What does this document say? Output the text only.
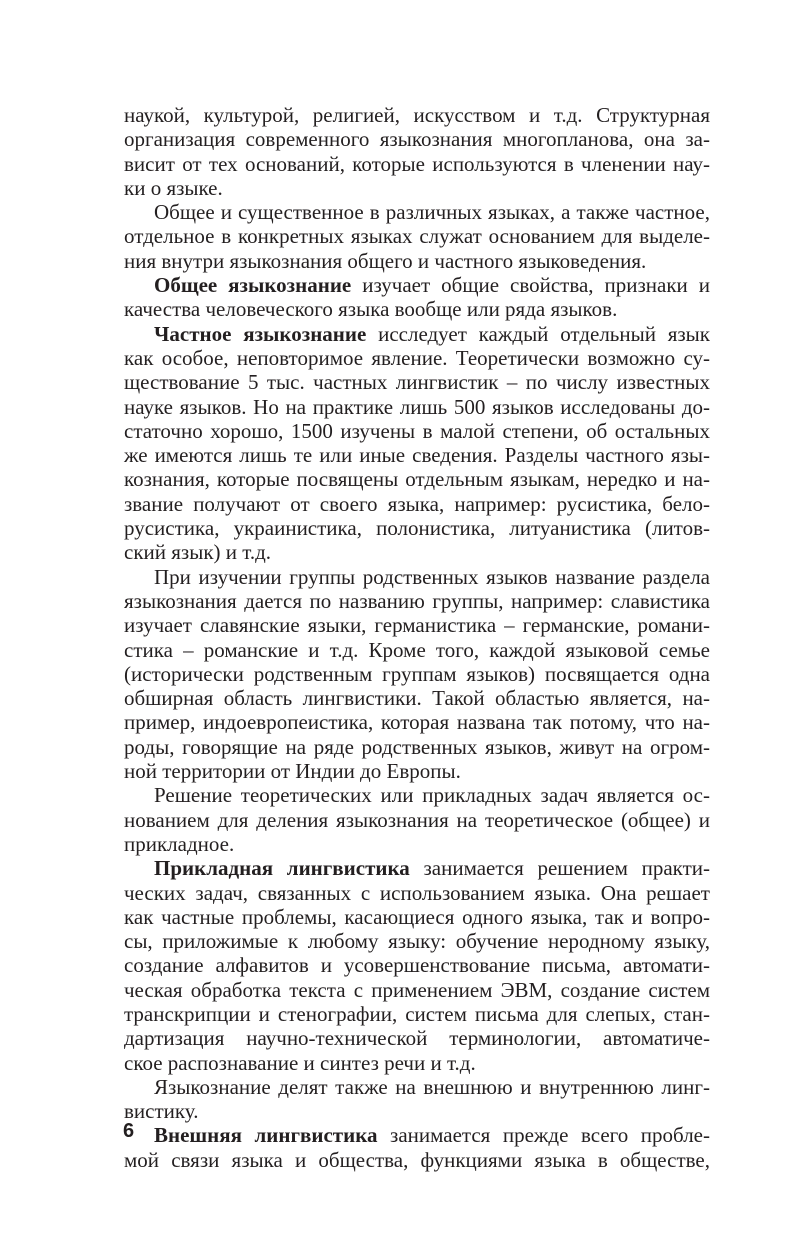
наукой, культурой, религией, искусством и т.д. Структурная
организация современного языкознания многопланова, она за-
висит от тех оснований, которые используются в членении нау-
ки о языке.
Общее и существенное в различных языках, а также частное,
отдельное в конкретных языках служат основанием для выделе-
ния внутри языкознания общего и частного языковедения.
Общее языкознание изучает общие свойства, признаки и
качества человеческого языка вообще или ряда языков.
Частное языкознание исследует каждый отдельный язык
как особое, неповторимое явление. Теоретически возможно су-
ществование 5 тыс. частных лингвистик – по числу известных
науке языков. Но на практике лишь 500 языков исследованы до-
статочно хорошо, 1500 изучены в малой степени, об остальных
же имеются лишь те или иные сведения. Разделы частного язы-
кознания, которые посвящены отдельным языкам, нередко и на-
звание получают от своего языка, например: русистика, бело-
русистика, украинистика, полонистика, литуанистика (литов-
ский язык) и т.д.
При изучении группы родственных языков название раздела
языкознания дается по названию группы, например: славистика
изучает славянские языки, германистика – германские, романи-
стика – романские и т.д. Кроме того, каждой языковой семье
(исторически родственным группам языков) посвящается одна
обширная область лингвистики. Такой областью является, на-
пример, индоевропеистика, которая названа так потому, что на-
роды, говорящие на ряде родственных языков, живут на огром-
ной территории от Индии до Европы.
Решение теоретических или прикладных задач является ос-
нованием для деления языкознания на теоретическое (общее) и
прикладное.
Прикладная лингвистика занимается решением практи-
ческих задач, связанных с использованием языка. Она решает
как частные проблемы, касающиеся одного языка, так и вопро-
сы, приложимые к любому языку: обучение неродному языку,
создание алфавитов и усовершенствование письма, автомати-
ческая обработка текста с применением ЭВМ, создание систем
транскрипции и стенографии, систем письма для слепых, стан-
дартизация научно-технической терминологии, автоматиче-
ское распознавание и синтез речи и т.д.
Языкознание делят также на внешнюю и внутреннюю линг-
вистику.
Внешняя лингвистика занимается прежде всего пробле-
мой связи языка и общества, функциями языка в обществе,
6
